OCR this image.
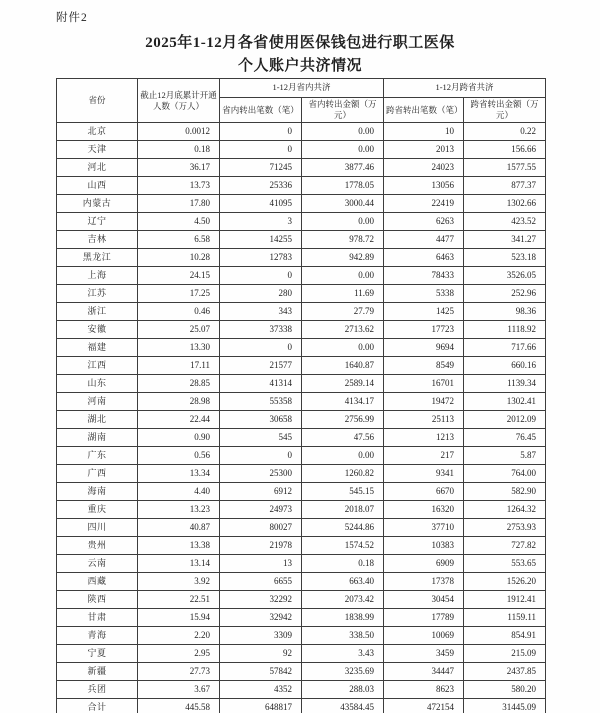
附件2
2025年1-12月各省使用医保钱包进行职工医保
个人账户共济情况
省份	截止12月底累计开通人数（万人）	1-12月省内共济		1-12月跨省共济	
		省内转出笔数（笔）	省内转出金额（万元）	跨省转出笔数（笔）	跨省转出金额（万元）
北京	0.0012	0	0.00	10	0.22
天津	0.18	0	0.00	2013	156.66
河北	36.17	71245	3877.46	24023	1577.55
山西	13.73	25336	1778.05	13056	877.37
内蒙古	17.80	41095	3000.44	22419	1302.66
辽宁	4.50	3	0.00	6263	423.52
吉林	6.58	14255	978.72	4477	341.27
黑龙江	10.28	12783	942.89	6463	523.18
上海	24.15	0	0.00	78433	3526.05
江苏	17.25	280	11.69	5338	252.96
浙江	0.46	343	27.79	1425	98.36
安徽	25.07	37338	2713.62	17723	1118.92
福建	13.30	0	0.00	9694	717.66
江西	17.11	21577	1640.87	8549	660.16
山东	28.85	41314	2589.14	16701	1139.34
河南	28.98	55358	4134.17	19472	1302.41
湖北	22.44	30658	2756.99	25113	2012.09
湖南	0.90	545	47.56	1213	76.45
广东	0.56	0	0.00	217	5.87
广西	13.34	25300	1260.82	9341	764.00
海南	4.40	6912	545.15	6670	582.90
重庆	13.23	24973	2018.07	16320	1264.32
四川	40.87	80027	5244.86	37710	2753.93
贵州	13.38	21978	1574.52	10383	727.82
云南	13.14	13	0.18	6909	553.65
西藏	3.92	6655	663.40	17378	1526.20
陕西	22.51	32292	2073.42	30454	1912.41
甘肃	15.94	32942	1838.99	17789	1159.11
青海	2.20	3309	338.50	10069	854.91
宁夏	2.95	92	3.43	3459	215.09
新疆	27.73	57842	3235.69	34447	2437.85
兵团	3.67	4352	288.03	8623	580.20
合计	445.58	648817	43584.45	472154	31445.09
